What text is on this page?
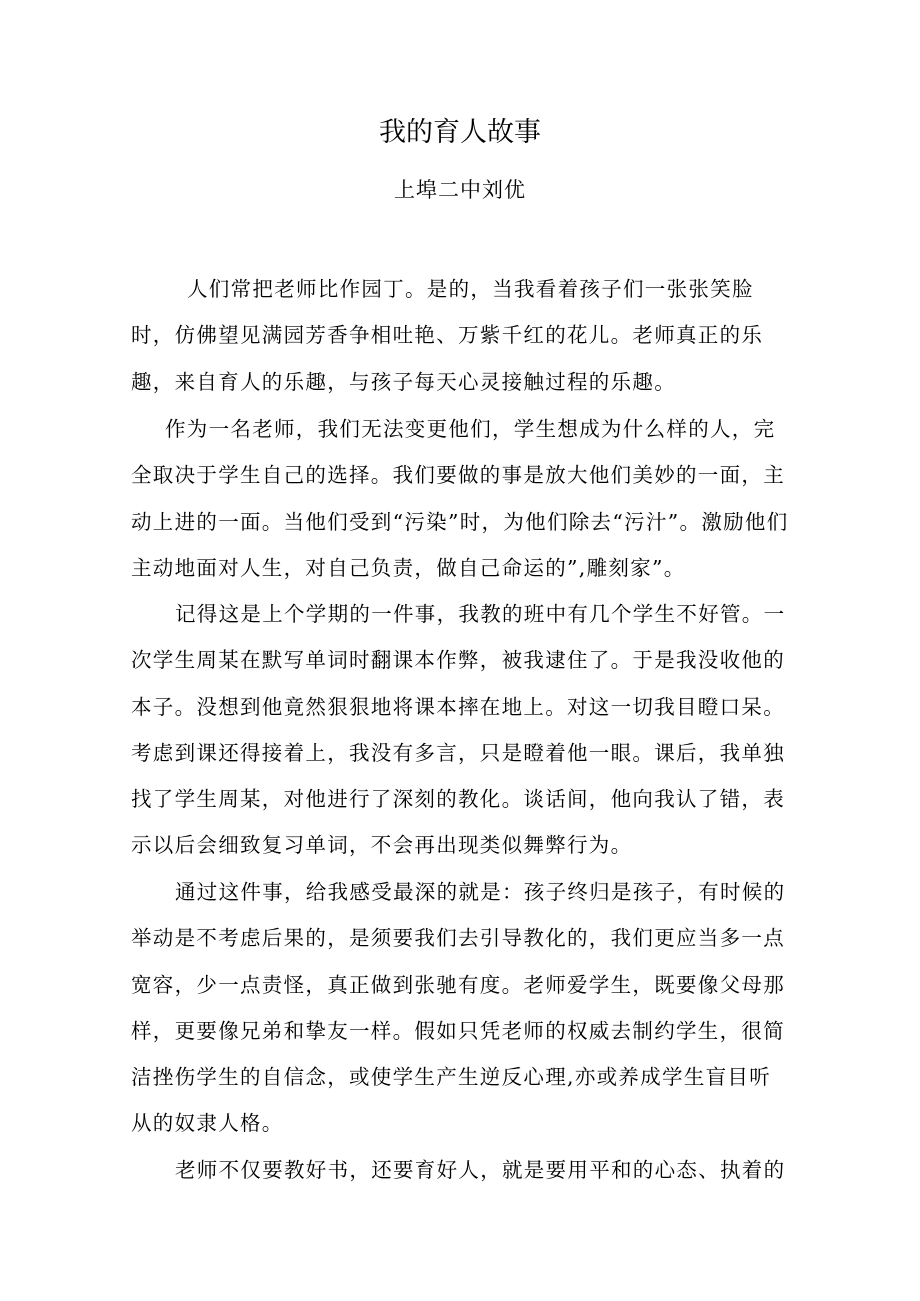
我的育人故事
上埠二中刘优

人们常把老师比作园丁。是的，当我看着孩子们一张张笑脸时，仿佛望见满园芳香争相吐艳、万紫千红的花儿。老师真正的乐趣，来自育人的乐趣，与孩子每天心灵接触过程的乐趣。

作为一名老师，我们无法变更他们，学生想成为什么样的人，完全取决于学生自己的选择。我们要做的事是放大他们美妙的一面，主动上进的一面。当他们受到“污染”时，为他们除去“污汁”。激励他们主动地面对人生，对自己负责，做自己命运的”,雕刻家”。

记得这是上个学期的一件事，我教的班中有几个学生不好管。一次学生周某在默写单词时翻课本作弊，被我逮住了。于是我没收他的本子。没想到他竟然狠狠地将课本摔在地上。对这一切我目瞪口呆。考虑到课还得接着上，我没有多言，只是瞪着他一眼。课后，我单独找了学生周某，对他进行了深刻的教化。谈话间，他向我认了错，表示以后会细致复习单词，不会再出现类似舞弊行为。

通过这件事，给我感受最深的就是：孩子终归是孩子，有时候的举动是不考虑后果的，是须要我们去引导教化的，我们更应当多一点宽容，少一点责怪，真正做到张驰有度。老师爱学生，既要像父母那样，更要像兄弟和挚友一样。假如只凭老师的权威去制约学生，很简洁挫伤学生的自信念，或使学生产生逆反心理,亦或养成学生盲目听从的奴隶人格。

老师不仅要教好书，还要育好人，就是要用平和的心态、执着的
